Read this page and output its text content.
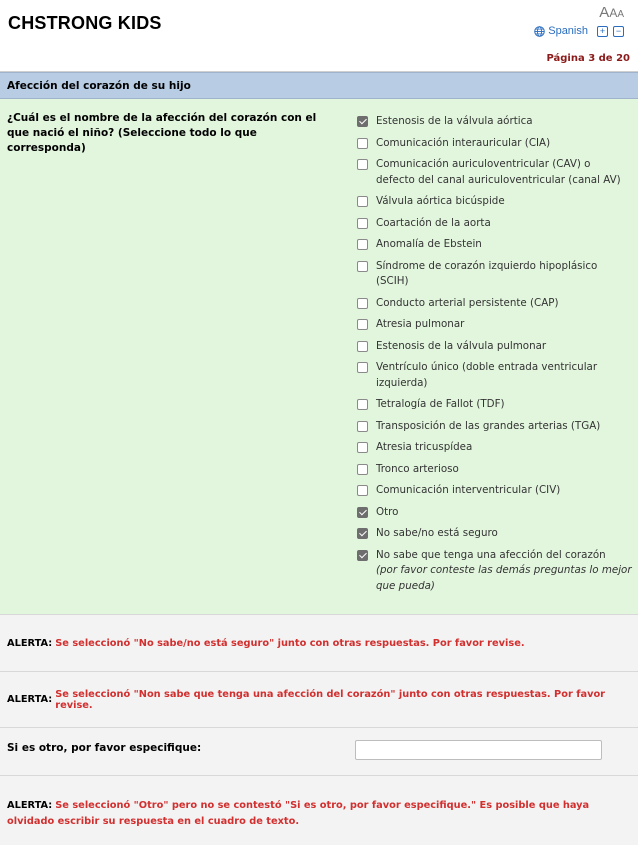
CHSTRONG KIDS
AAA
Spanish	+	−
Página 3 de 20
Afección del corazón de su hijo
¿Cuál es el nombre de la afección del corazón con el que nació el niño? (Seleccione todo lo que corresponda)
Estenosis de la válvula aórtica
Comunicación interauricular (CIA)
Comunicación auriculoventricular (CAV) o defecto del canal auriculoventricular (canal AV)
Válvula aórtica bicúspide
Coartación de la aorta
Anomalía de Ebstein
Síndrome de corazón izquierdo hipoplásico (SCIH)
Conducto arterial persistente (CAP)
Atresia pulmonar
Estenosis de la válvula pulmonar
Ventrículo único (doble entrada ventricular izquierda)
Tetralogía de Fallot (TDF)
Transposición de las grandes arterias (TGA)
Atresia tricuspídea
Tronco arterioso
Comunicación interventricular (CIV)
Otro
No sabe/no está seguro
No sabe que tenga una afección del corazón
(por favor conteste las demás preguntas lo mejor que pueda)
ALERTA: Se seleccionó "No sabe/no está seguro" junto con otras respuestas. Por favor revise.
ALERTA: Se seleccionó "Non sabe que tenga una afección del corazón" junto con otras respuestas. Por favor revise.
Si es otro, por favor especifique:
ALERTA: Se seleccionó "Otro" pero no se contestó "Si es otro, por favor especifique." Es posible que haya olvidado escribir su respuesta en el cuadro de texto.
